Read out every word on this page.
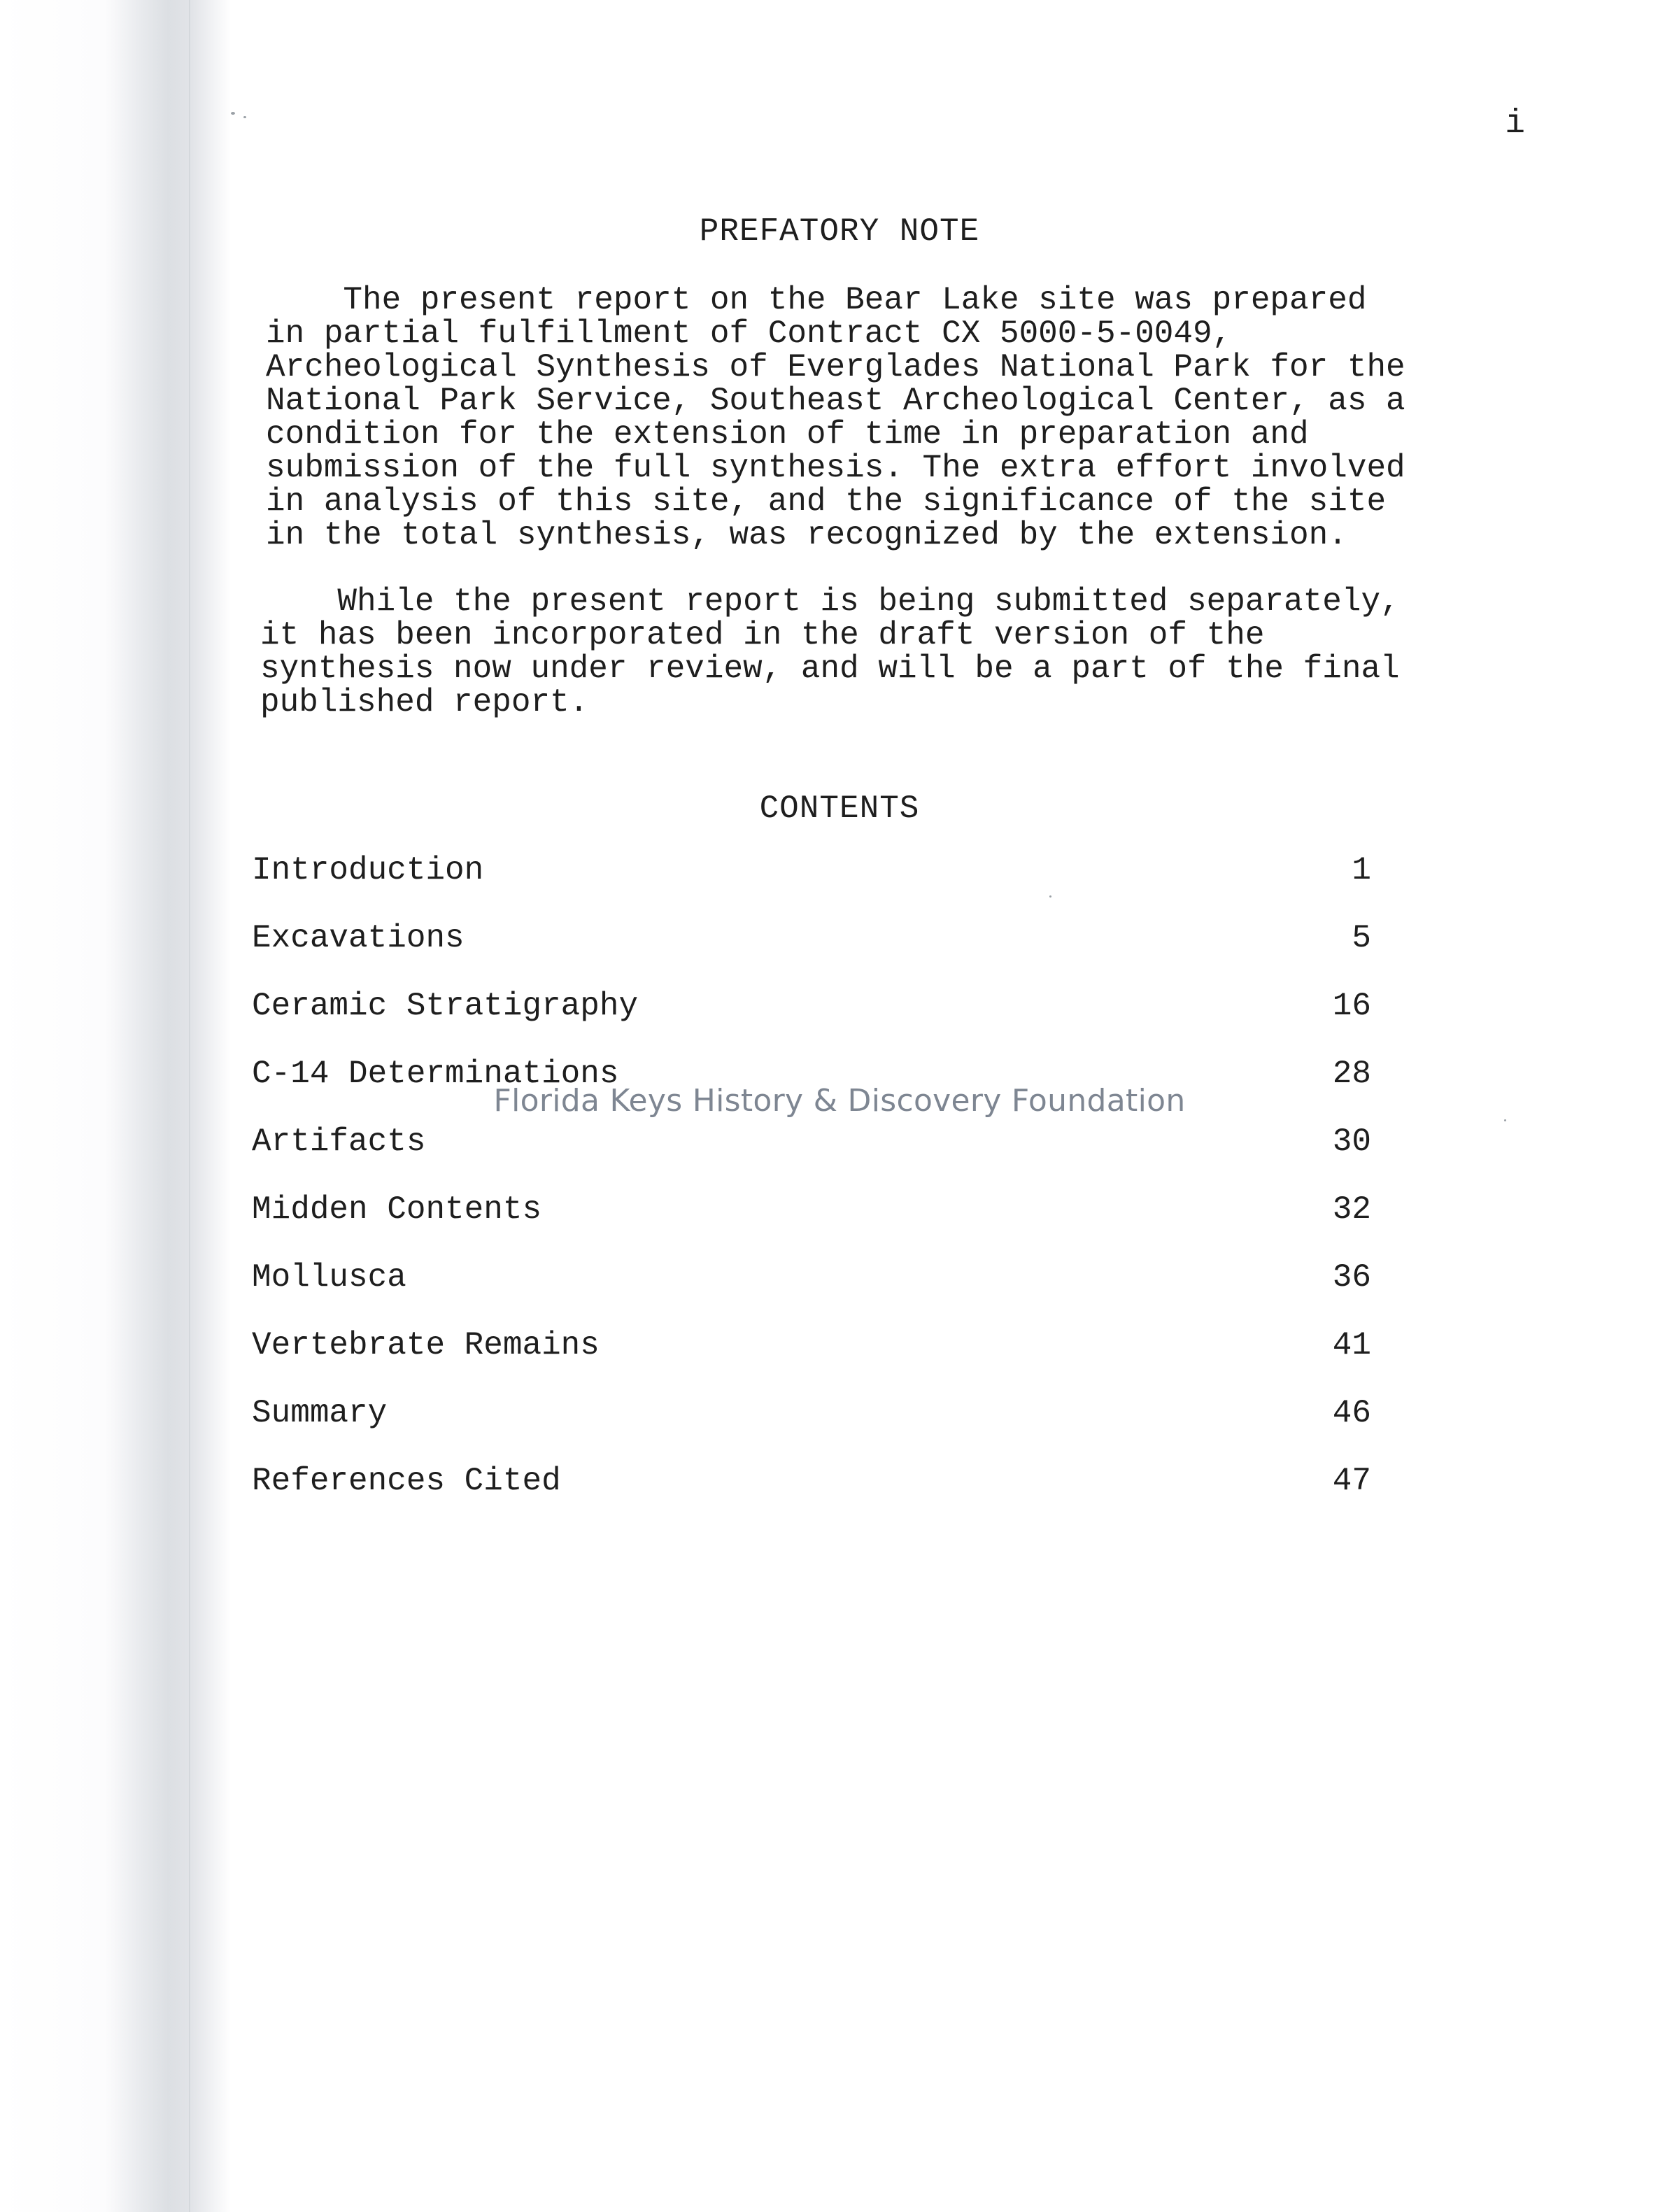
i
PREFATORY NOTE

The present report on the Bear Lake site was prepared
in partial fulfillment of Contract CX 5000-5-0049,
Archeological Synthesis of Everglades National Park for the
National Park Service, Southeast Archeological Center, as a
condition for the extension of time in preparation and
submission of the full synthesis. The extra effort involved
in analysis of this site, and the significance of the site
in the total synthesis, was recognized by the extension.

While the present report is being submitted separately,
it has been incorporated in the draft version of the
synthesis now under review, and will be a part of the final
published report.

CONTENTS
Introduction	1
Excavations	5
Ceramic Stratigraphy	16
C-14 Determinations	28
Artifacts	30
Midden Contents	32
Mollusca	36
Vertebrate Remains	41
Summary	46
References Cited	47
Florida Keys History & Discovery Foundation
